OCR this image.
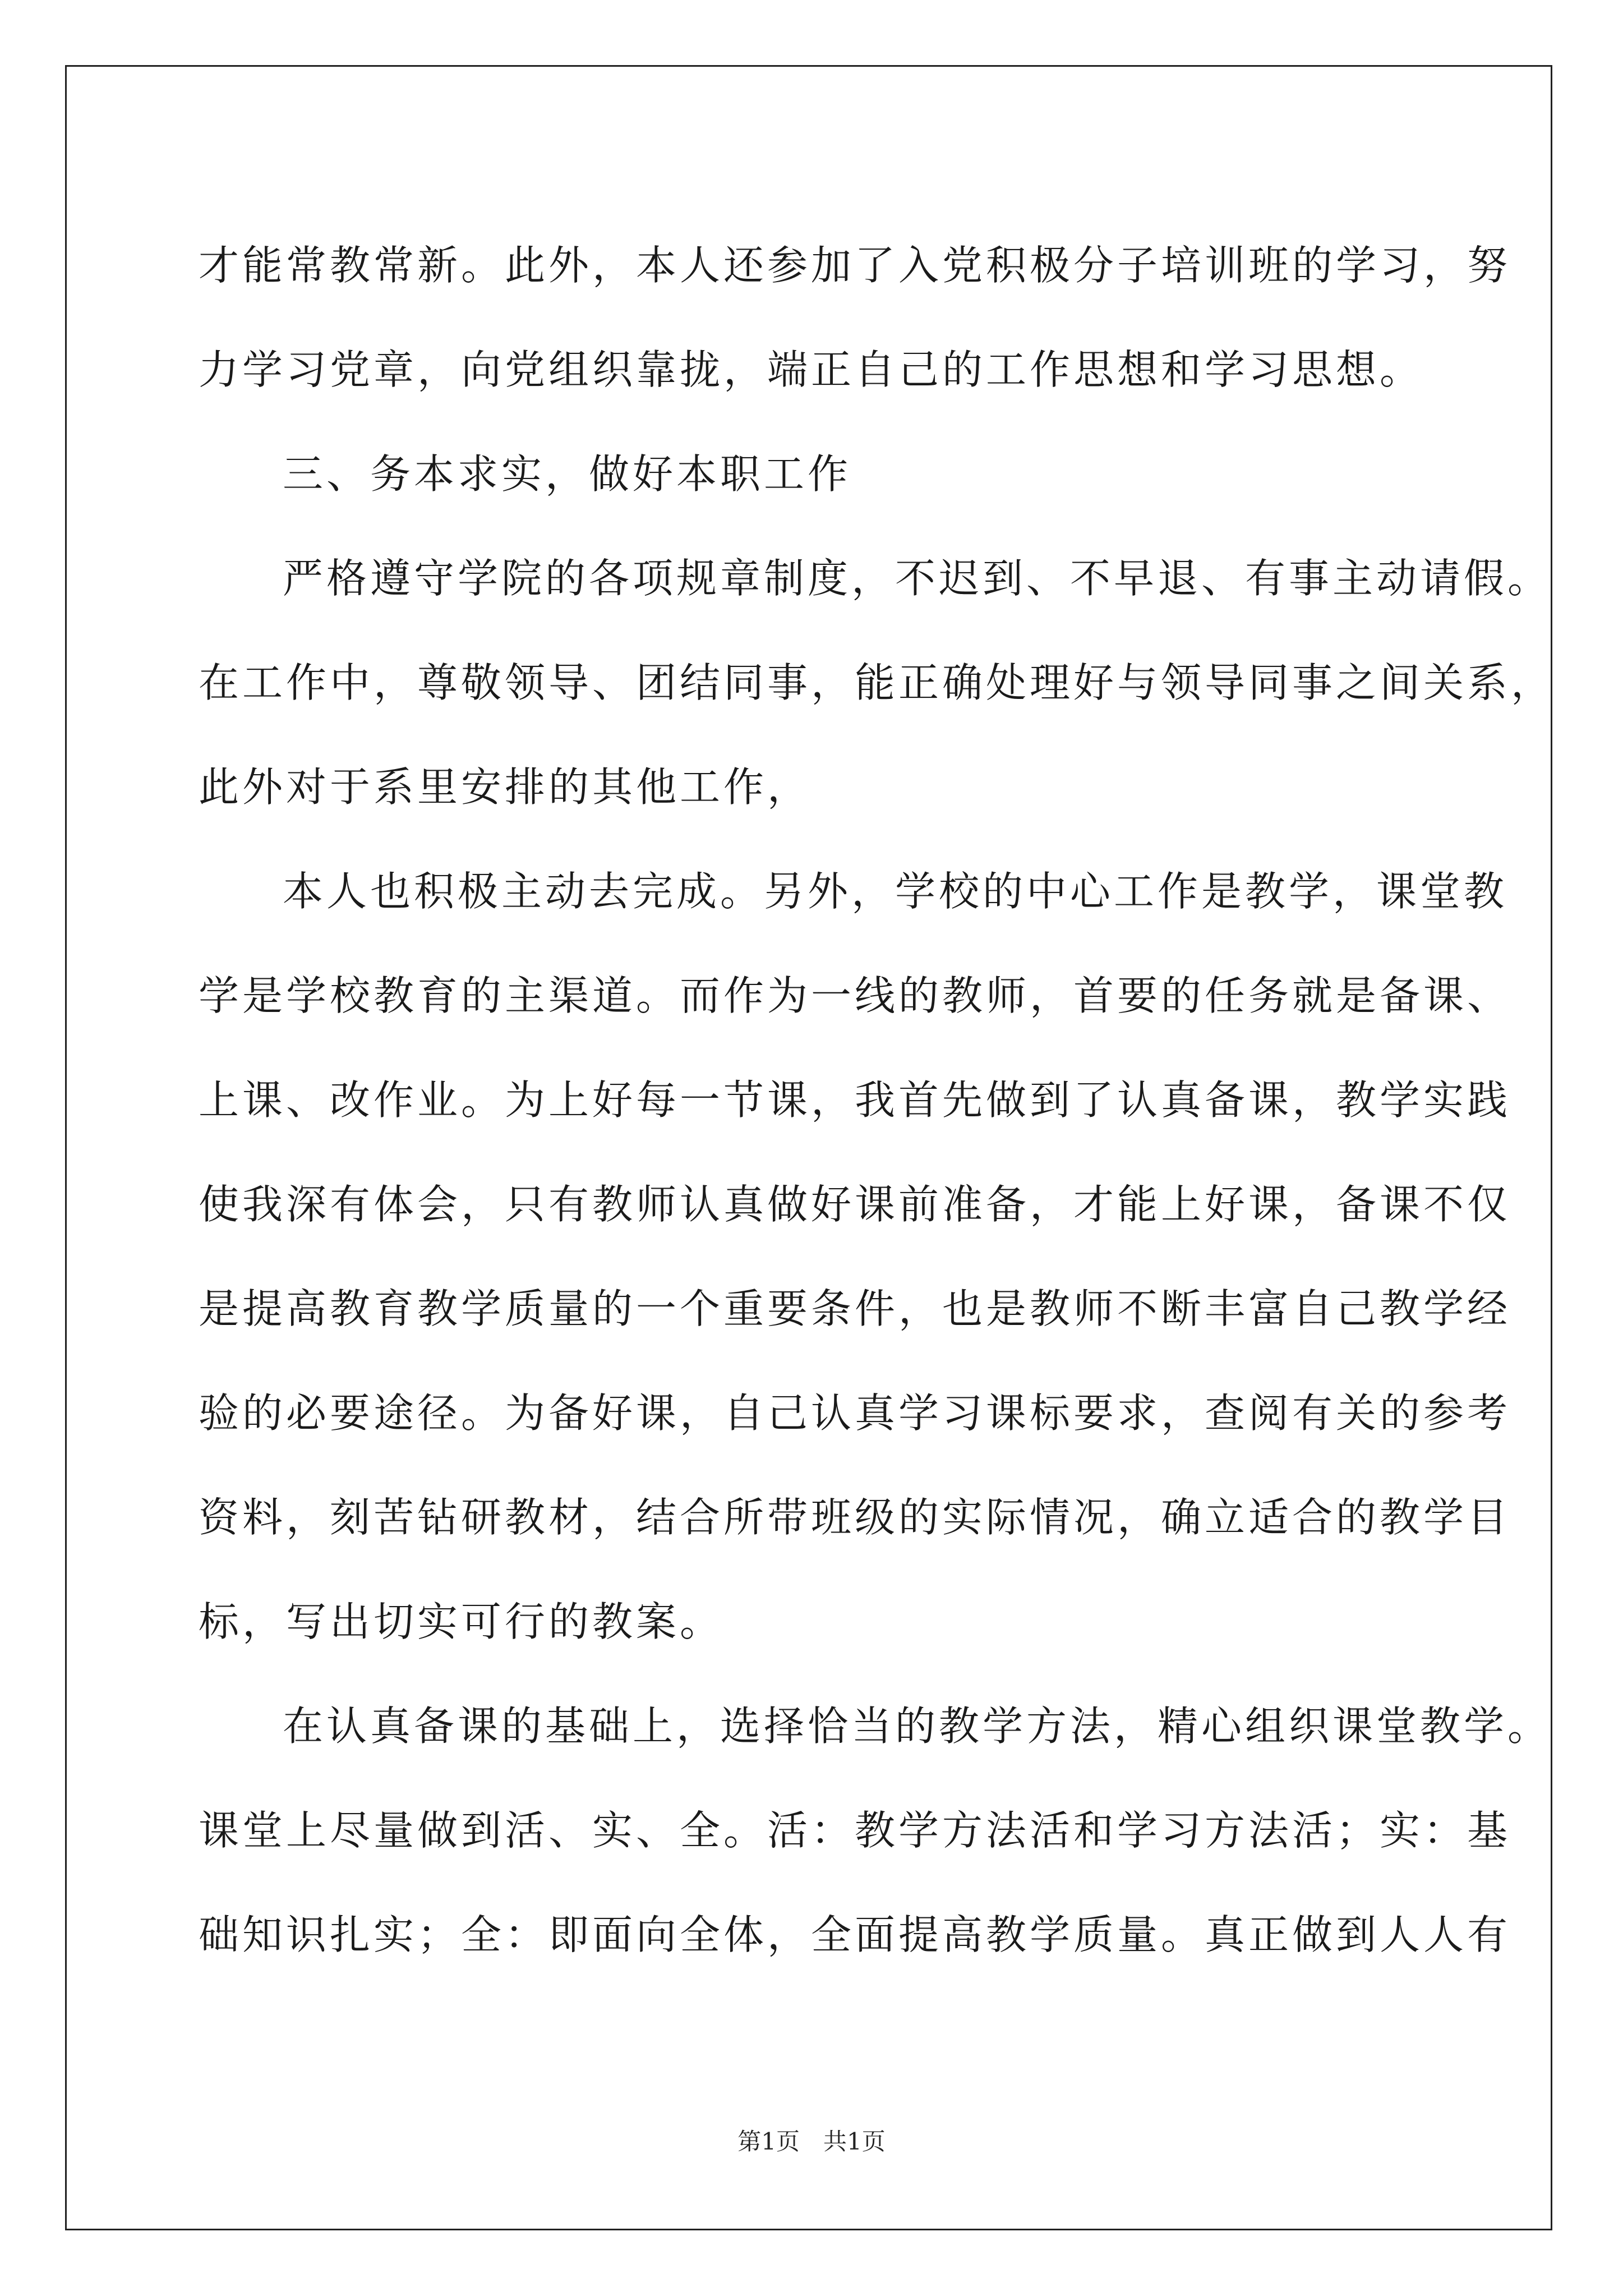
才能常教常新。此外，本人还参加了入党积极分子培训班的学习，努
力学习党章，向党组织靠拢，端正自己的工作思想和学习思想。

三、务本求实，做好本职工作

严格遵守学院的各项规章制度，不迟到、不早退、有事主动请假。
在工作中，尊敬领导、团结同事，能正确处理好与领导同事之间关系，
此外对于系里安排的其他工作，

本人也积极主动去完成。另外，学校的中心工作是教学，课堂教
学是学校教育的主渠道。而作为一线的教师，首要的任务就是备课、
上课、改作业。为上好每一节课，我首先做到了认真备课，教学实践
使我深有体会，只有教师认真做好课前准备，才能上好课，备课不仅
是提高教育教学质量的一个重要条件，也是教师不断丰富自己教学经
验的必要途径。为备好课，自己认真学习课标要求，查阅有关的参考
资料，刻苦钻研教材，结合所带班级的实际情况，确立适合的教学目
标，写出切实可行的教案。

在认真备课的基础上，选择恰当的教学方法，精心组织课堂教学。
课堂上尽量做到活、实、全。活：教学方法活和学习方法活；实：基
础知识扎实；全：即面向全体，全面提高教学质量。真正做到人人有

第1页　共1页
